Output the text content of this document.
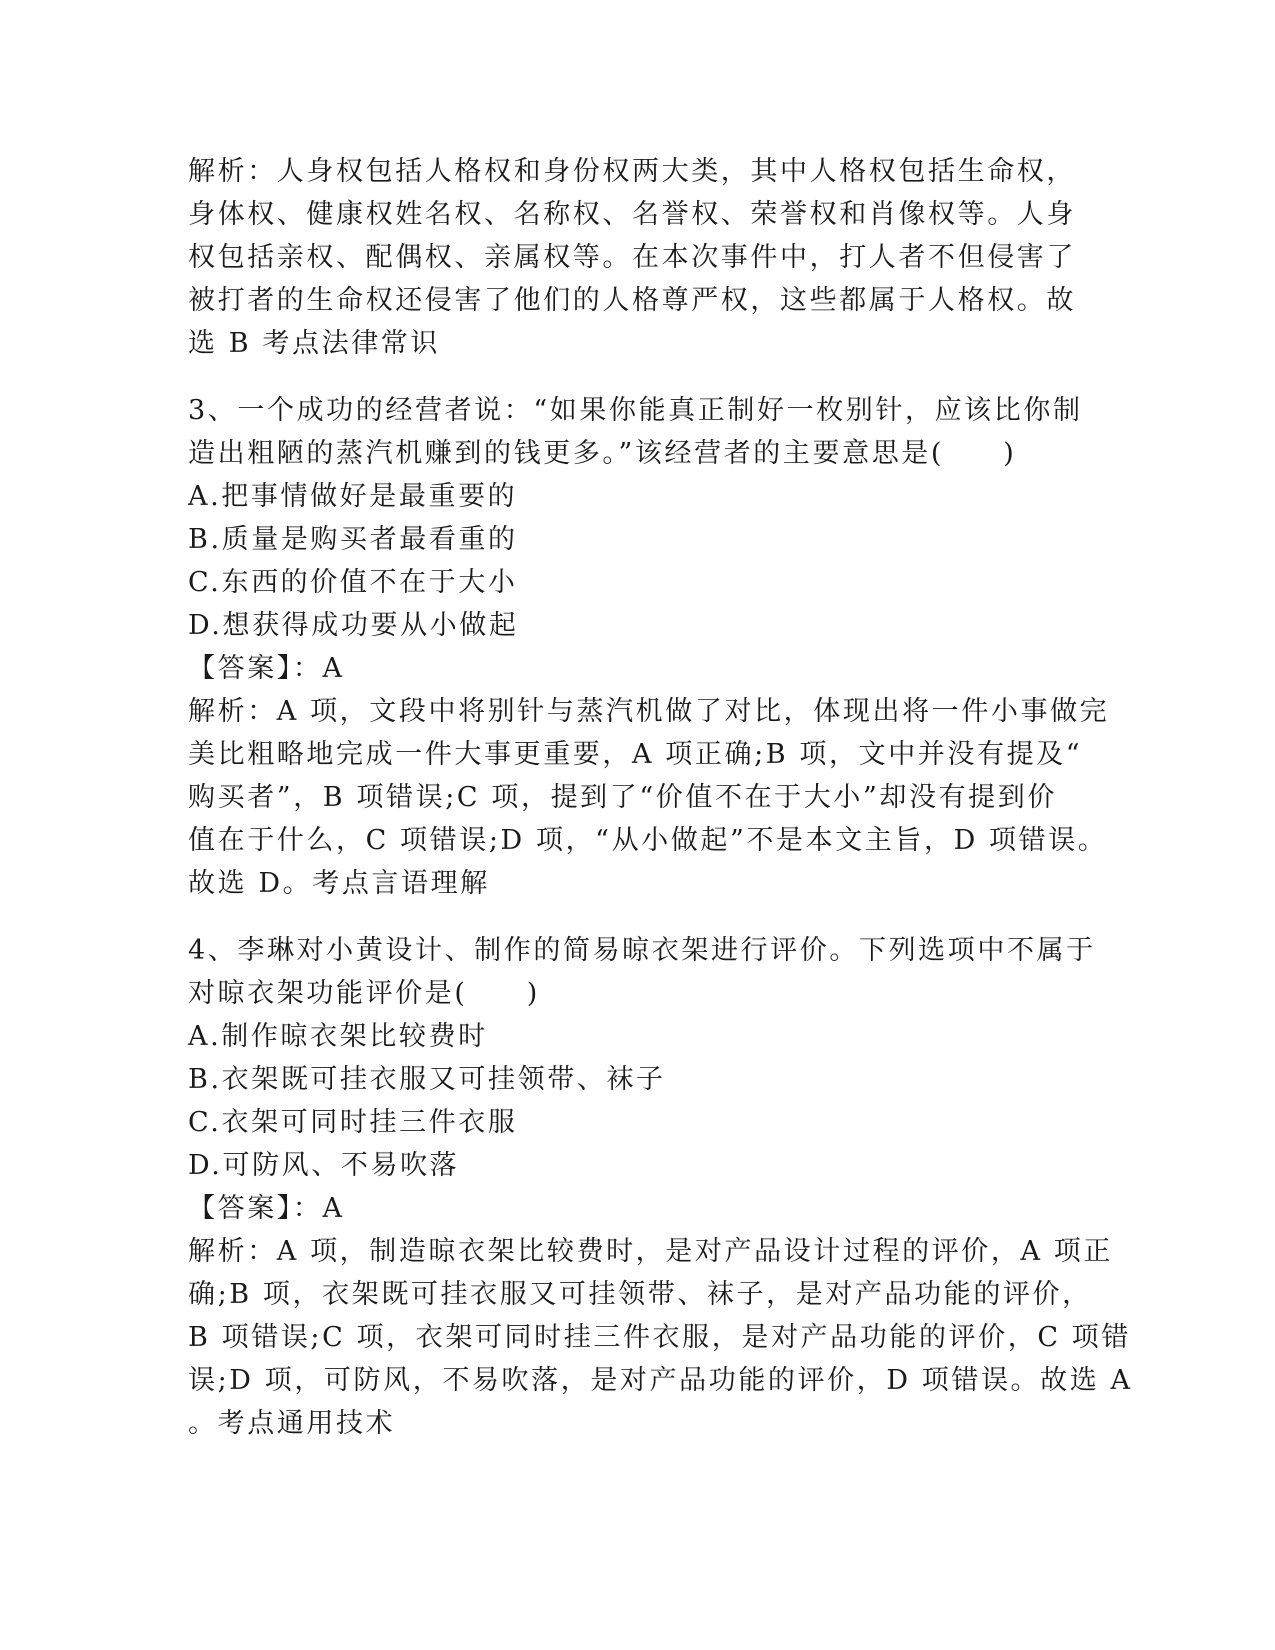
解析：人身权包括人格权和身份权两大类，其中人格权包括生命权，
身体权、健康权姓名权、名称权、名誉权、荣誉权和肖像权等。人身
权包括亲权、配偶权、亲属权等。在本次事件中，打人者不但侵害了
被打者的生命权还侵害了他们的人格尊严权，这些都属于人格权。故
选 B 考点法律常识
3、一个成功的经营者说：“如果你能真正制好一枚别针，应该比你制
造出粗陋的蒸汽机赚到的钱更多。”该经营者的主要意思是(　　)
A.把事情做好是最重要的
B.质量是购买者最看重的
C.东西的价值不在于大小
D.想获得成功要从小做起
【答案】：A
解析：A 项，文段中将别针与蒸汽机做了对比，体现出将一件小事做完
美比粗略地完成一件大事更重要，A 项正确;B 项，文中并没有提及“
购买者”，B 项错误;C 项，提到了“价值不在于大小”却没有提到价
值在于什么，C 项错误;D 项，“从小做起”不是本文主旨，D 项错误。
故选 D。考点言语理解
4、李琳对小黄设计、制作的简易晾衣架进行评价。下列选项中不属于
对晾衣架功能评价是(　　)
A.制作晾衣架比较费时
B.衣架既可挂衣服又可挂领带、袜子
C.衣架可同时挂三件衣服
D.可防风、不易吹落
【答案】：A
解析：A 项，制造晾衣架比较费时，是对产品设计过程的评价，A 项正
确;B 项，衣架既可挂衣服又可挂领带、袜子，是对产品功能的评价，
B 项错误;C 项，衣架可同时挂三件衣服，是对产品功能的评价，C 项错
误;D 项，可防风，不易吹落，是对产品功能的评价，D 项错误。故选 A
。考点通用技术
